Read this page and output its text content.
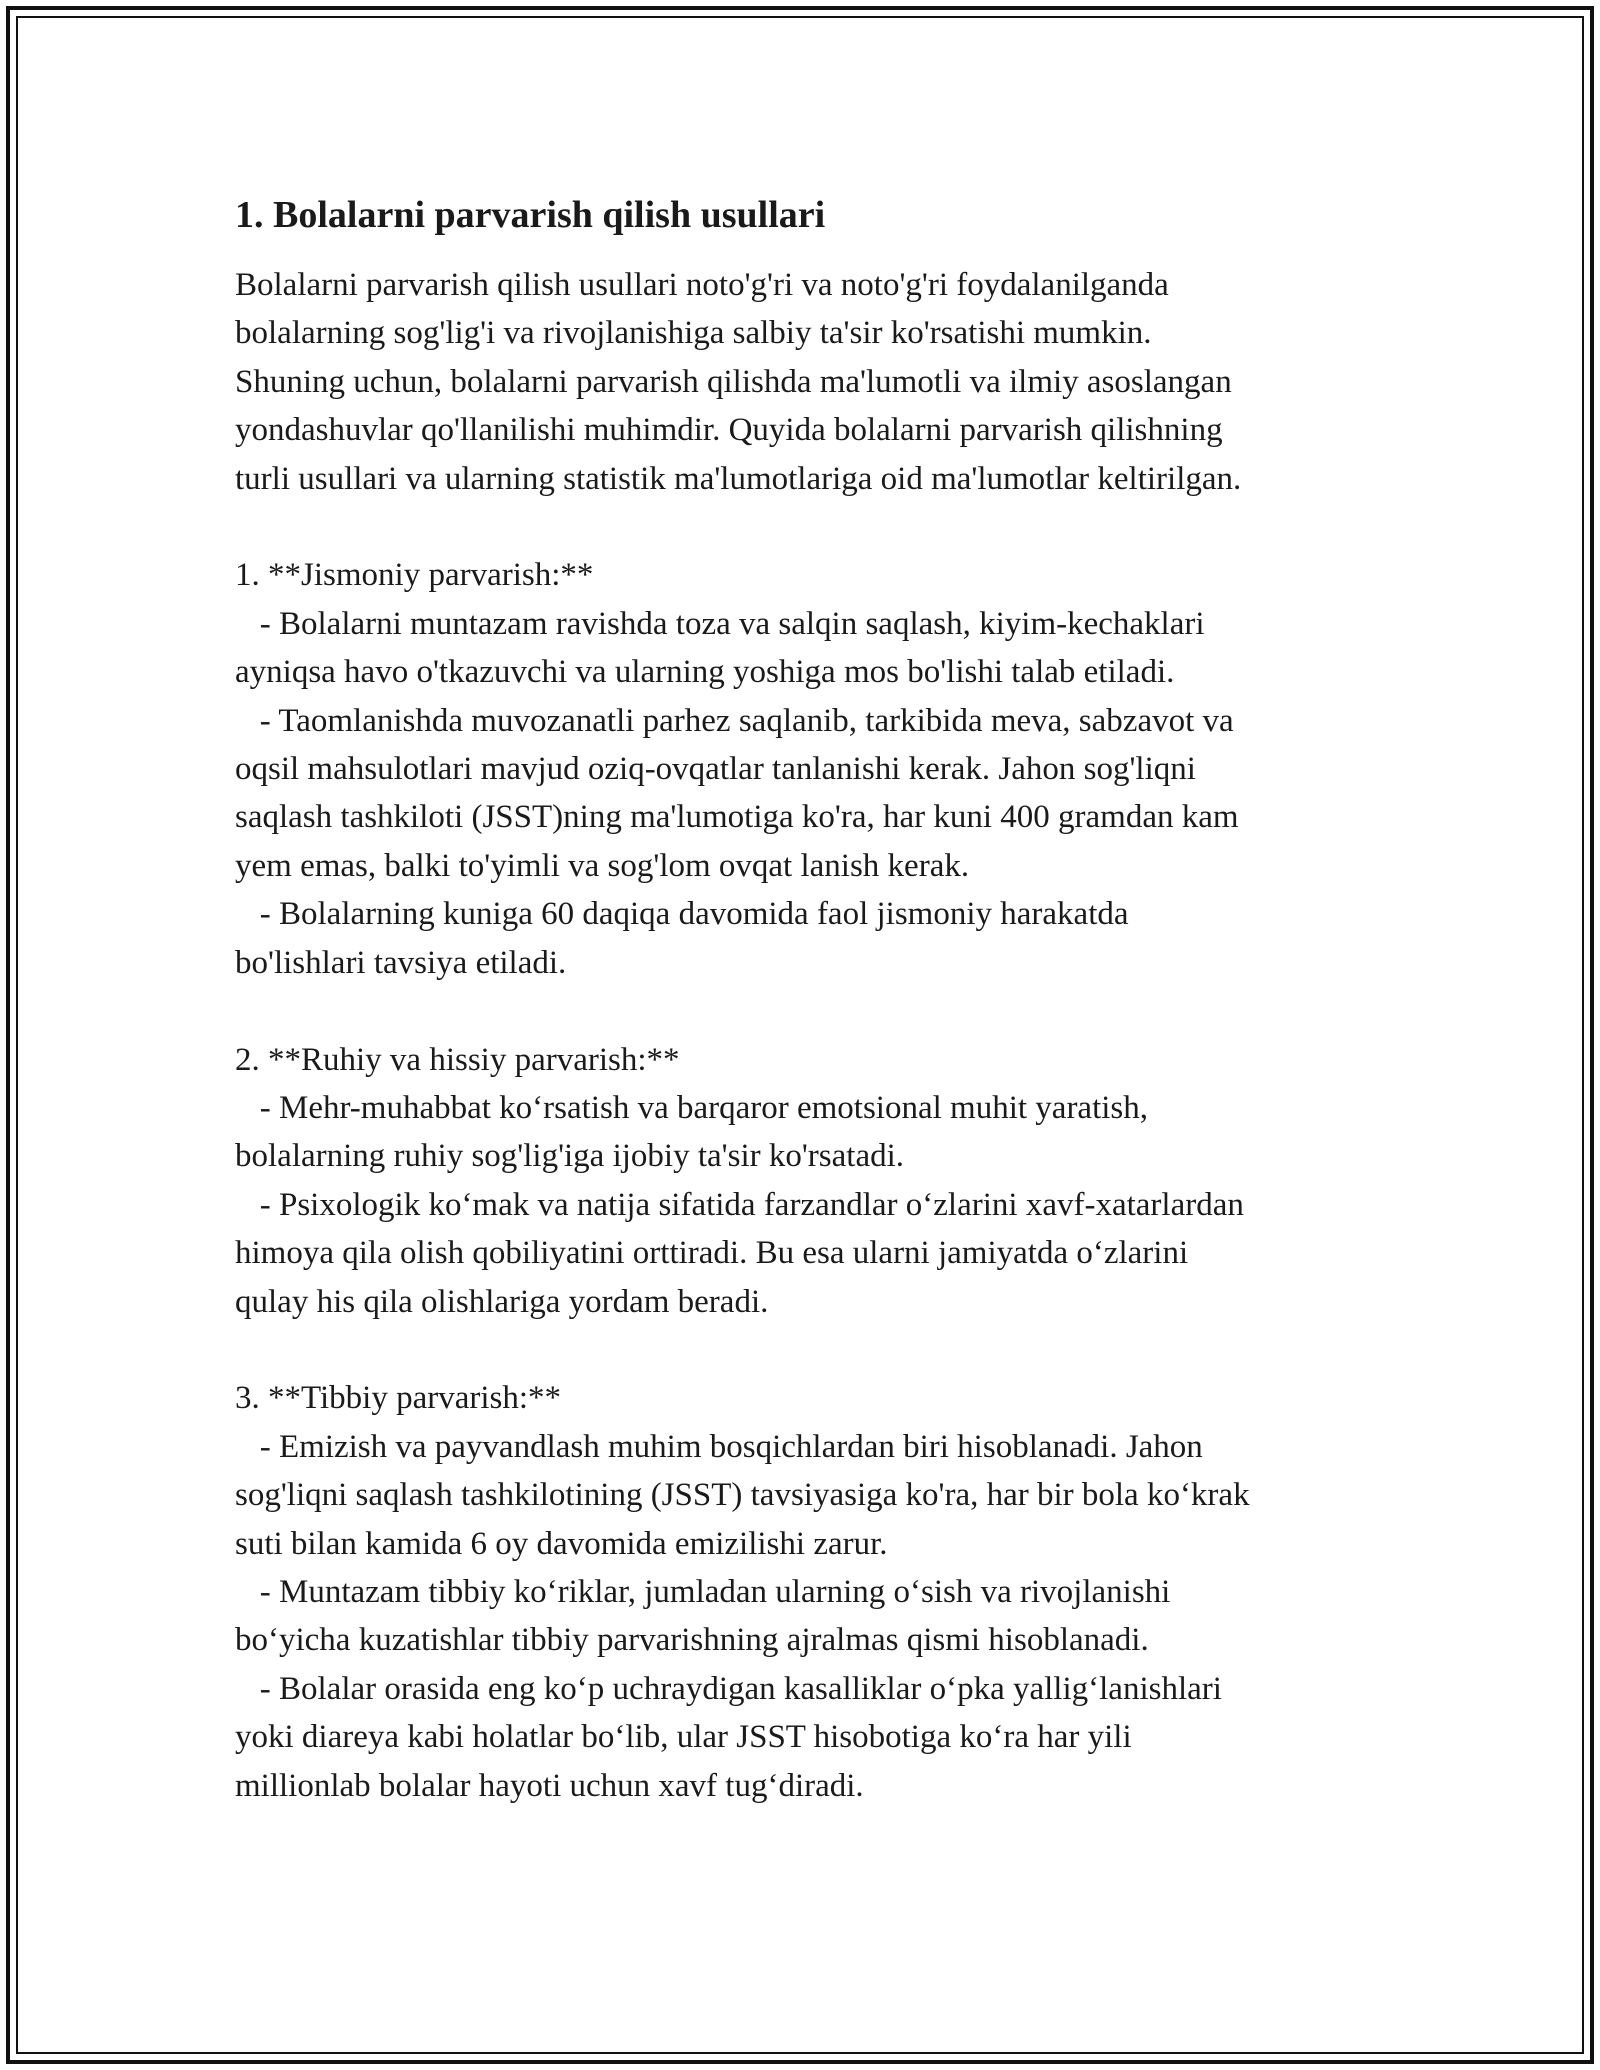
1. Bolalarni parvarish qilish usullari
Bolalarni parvarish qilish usullari noto'g'ri va noto'g'ri foydalanilganda
bolalarning sog'lig'i va rivojlanishiga salbiy ta'sir ko'rsatishi mumkin.
Shuning uchun, bolalarni parvarish qilishda ma'lumotli va ilmiy asoslangan
yondashuvlar qo'llanilishi muhimdir. Quyida bolalarni parvarish qilishning
turli usullari va ularning statistik ma'lumotlariga oid ma'lumotlar keltirilgan.

1. **Jismoniy parvarish:**
- Bolalarni muntazam ravishda toza va salqin saqlash, kiyim-kechaklari
ayniqsa havo o'tkazuvchi va ularning yoshiga mos bo'lishi talab etiladi.
- Taomlanishda muvozanatli parhez saqlanib, tarkibida meva, sabzavot va
oqsil mahsulotlari mavjud oziq-ovqatlar tanlanishi kerak. Jahon sog'liqni
saqlash tashkiloti (JSST)ning ma'lumotiga ko'ra, har kuni 400 gramdan kam
yem emas, balki to'yimli va sog'lom ovqat lanish kerak.
- Bolalarning kuniga 60 daqiqa davomida faol jismoniy harakatda
bo'lishlari tavsiya etiladi.

2. **Ruhiy va hissiy parvarish:**
- Mehr-muhabbat ko‘rsatish va barqaror emotsional muhit yaratish,
bolalarning ruhiy sog'lig'iga ijobiy ta'sir ko'rsatadi.
- Psixologik ko‘mak va natija sifatida farzandlar o‘zlarini xavf-xatarlardan
himoya qila olish qobiliyatini orttiradi. Bu esa ularni jamiyatda o‘zlarini
qulay his qila olishlariga yordam beradi.

3. **Tibbiy parvarish:**
- Emizish va payvandlash muhim bosqichlardan biri hisoblanadi. Jahon
sog'liqni saqlash tashkilotining (JSST) tavsiyasiga ko'ra, har bir bola ko‘krak
suti bilan kamida 6 oy davomida emizilishi zarur.
- Muntazam tibbiy ko‘riklar, jumladan ularning o‘sish va rivojlanishi
bo‘yicha kuzatishlar tibbiy parvarishning ajralmas qismi hisoblanadi.
- Bolalar orasida eng ko‘p uchraydigan kasalliklar o‘pka yallig‘lanishlari
yoki diareya kabi holatlar bo‘lib, ular JSST hisobotiga ko‘ra har yili
millionlab bolalar hayoti uchun xavf tug‘diradi.
